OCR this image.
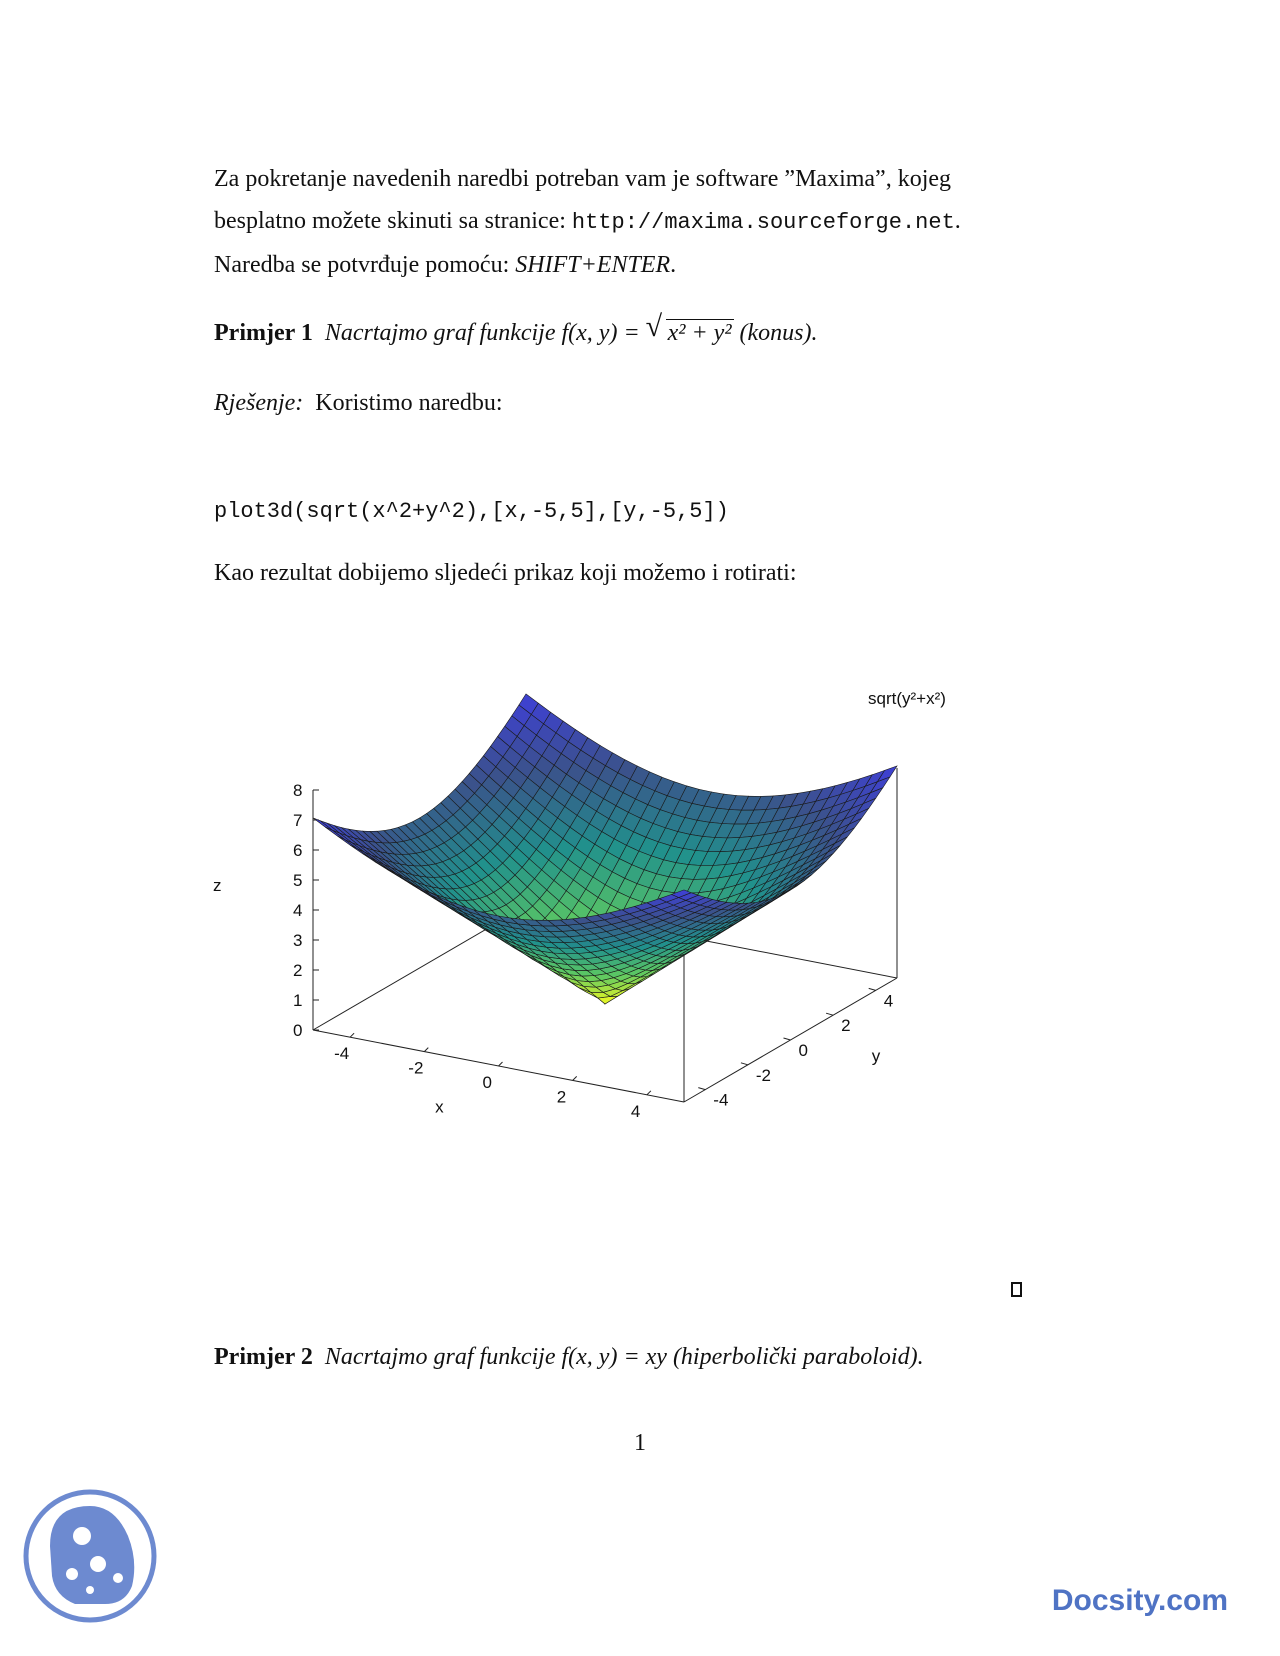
Za pokretanje navedenih naredbi potreban vam je software ”Maxima”, kojeg
besplatno možete skinuti sa stranice: http://maxima.sourceforge.net.
Naredba se potvrđuje pomoću: SHIFT+ENTER.

Primjer 1 Nacrtajmo graf funkcije f(x, y) = √ x² + y² (konus).

Rješenje: Koristimo naredbu:

plot3d(sqrt(x^2+y^2),[x,-5,5],[y,-5,5])

Kao rezultat dobijemo sljedeći prikaz koji možemo i rotirati:

sqrt(y²+x²)
0
1
2
3
4
5
6
7
8
-4
-2
0
2
4
-4
-2
0
2
4
x
y
z

Primjer 2 Nacrtajmo graf funkcije f(x, y) = xy (hiperbolički paraboloid).

1
Docsity.com
